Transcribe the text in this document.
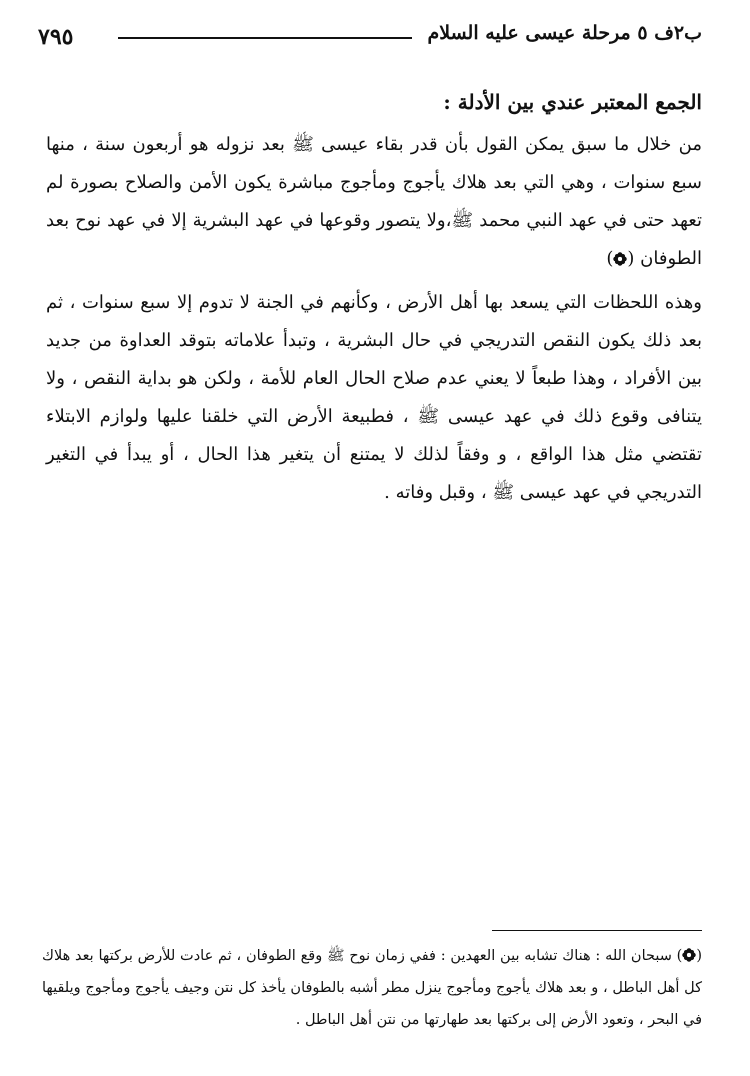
ب٢ف ٥ مرحلة عيسى عليه السلام
٧٩٥
الجمع المعتبر عندي بين الأدلة :

من خلال ما سبق يمكن القول بأن قدر بقاء عيسى ﷺ بعد نزوله هو أربعون سنة ، منها سبع سنوات ، وهي التي بعد هلاك يأجوج ومأجوج مباشرة يكون الأمن والصلاح بصورة لم تعهد حتى في عهد النبي محمد ﷺ،ولا يتصور وقوعها في عهد البشرية إلا في عهد نوح بعد الطوفان ()

وهذه اللحظات التي يسعد بها أهل الأرض ، وكأنهم في الجنة لا تدوم إلا سبع سنوات ، ثم بعد ذلك يكون النقص التدريجي في حال البشرية ، وتبدأ علاماته بتوقد العداوة من جديد بين الأفراد ، وهذا طبعاً لا يعني عدم صلاح الحال العام للأمة ، ولكن هو بداية النقص ، ولا يتنافى وقوع ذلك في عهد عيسى ﷺ ، فطبيعة الأرض التي خلقنا عليها ولوازم الابتلاء تقتضي مثل هذا الواقع ، و وفقاً لذلك لا يمتنع أن يتغير هذا الحال ، أو يبدأ في التغير التدريجي في عهد عيسى ﷺ ، وقبل وفاته .

() سبحان الله : هناك تشابه بين العهدين : ففي زمان نوح ﷺ وقع الطوفان ، ثم عادت للأرض بركتها بعد هلاك كل أهل الباطل ، و بعد هلاك يأجوج ومأجوج ينزل مطر أشبه بالطوفان يأخذ كل نتن وجيف يأجوج ومأجوج ويلقيها في البحر ، وتعود الأرض إلى بركتها بعد طهارتها من نتن أهل الباطل .
